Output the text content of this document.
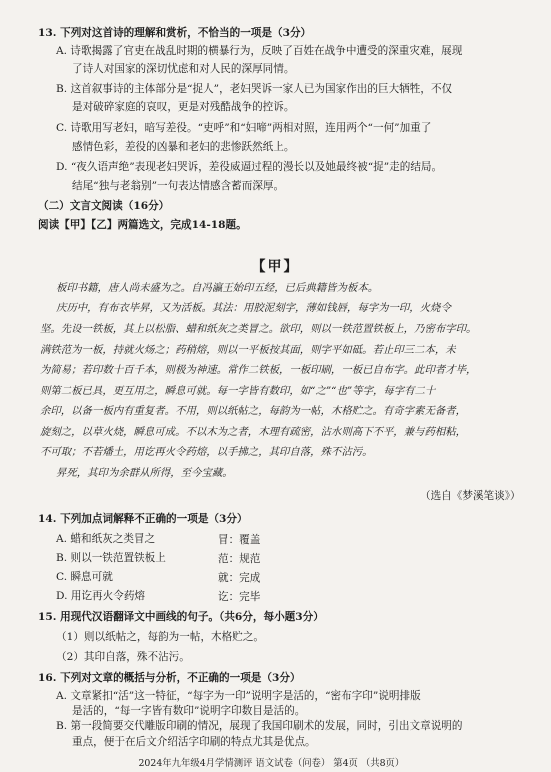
13. 下列对这首诗的理解和赏析，不恰当的一项是（3分）
A. 诗歌揭露了官吏在战乱时期的横暴行为，反映了百姓在战争中遭受的深重灾难，展现
了诗人对国家的深切忧虑和对人民的深厚同情。
B. 这首叙事诗的主体部分是“捉人”，老妇哭诉一家人已为国家作出的巨大牺牲，不仅
是对破碎家庭的哀叹，更是对残酷战争的控诉。
C. 诗歌用写老妇，暗写差役。“吏呼”和“妇啼”两相对照，连用两个“一何”加重了
感情色彩，差役的凶暴和老妇的悲惨跃然纸上。
D. “夜久语声绝”表现老妇哭诉，差役威逼过程的漫长以及她最终被“捉”走的结局。
结尾“独与老翁别”一句表达情感含蓄而深厚。
（二）文言文阅读（16分）
阅读【甲】【乙】两篇选文，完成14-18题。
【甲】
板印书籍，唐人尚未盛为之。自冯瀛王始印五经，已后典籍皆为板本。
庆历中，有布衣毕昇，又为活板。其法：用胶泥刻字，薄如钱唇，每字为一印，火烧令
坚。先设一铁板，其上以松脂、蜡和纸灰之类冒之。欲印，则以一铁范置铁板上，乃密布字印。
满铁范为一板，持就火炀之；药稍熔，则以一平板按其面，则字平如砥。若止印三二本，未
为简易；若印数十百千本，则极为神速。常作二铁板，一板印刷，一板已自布字。此印者才毕，
则第二板已具，更互用之，瞬息可就。每一字皆有数印，如“之”“也”等字，每字有二十
余印，以备一板内有重复者。不用，则以纸帖之，每韵为一帖，木格贮之。有奇字素无备者，
旋刻之，以草火烧，瞬息可成。不以木为之者，木理有疏密，沾水则高下不平，兼与药相粘，
不可取；不若燔土，用讫再火令药熔，以手拂之，其印自落，殊不沾污。
昇死，其印为余群从所得，至今宝藏。
（选自《梦溪笔谈》）
14. 下列加点词解释不正确的一项是（3分）
A. 蜡和纸灰之类冒之	冒：覆盖
B. 则以一铁范置铁板上	范：规范
C. 瞬息可就	就：完成
D. 用讫再火令药熔	讫：完毕
15. 用现代汉语翻译文中画线的句子。（共6分，每小题3分）
（1）则以纸帖之，每韵为一帖，木格贮之。
（2）其印自落，殊不沾污。
16. 下列对文章的概括与分析，不正确的一项是（3分）
A. 文章紧扣“活”这一特征，“每字为一印”说明字是活的，“密布字印”说明排版
是活的，“每一字皆有数印”说明字印数目是活的。
B. 第一段简要交代雕版印刷的情况，展现了我国印刷术的发展，同时，引出文章说明的
重点，便于在后文介绍活字印刷的特点尤其是优点。
2024年九年级4月学情测评 语文试卷（问卷） 第4页 （共8页）
